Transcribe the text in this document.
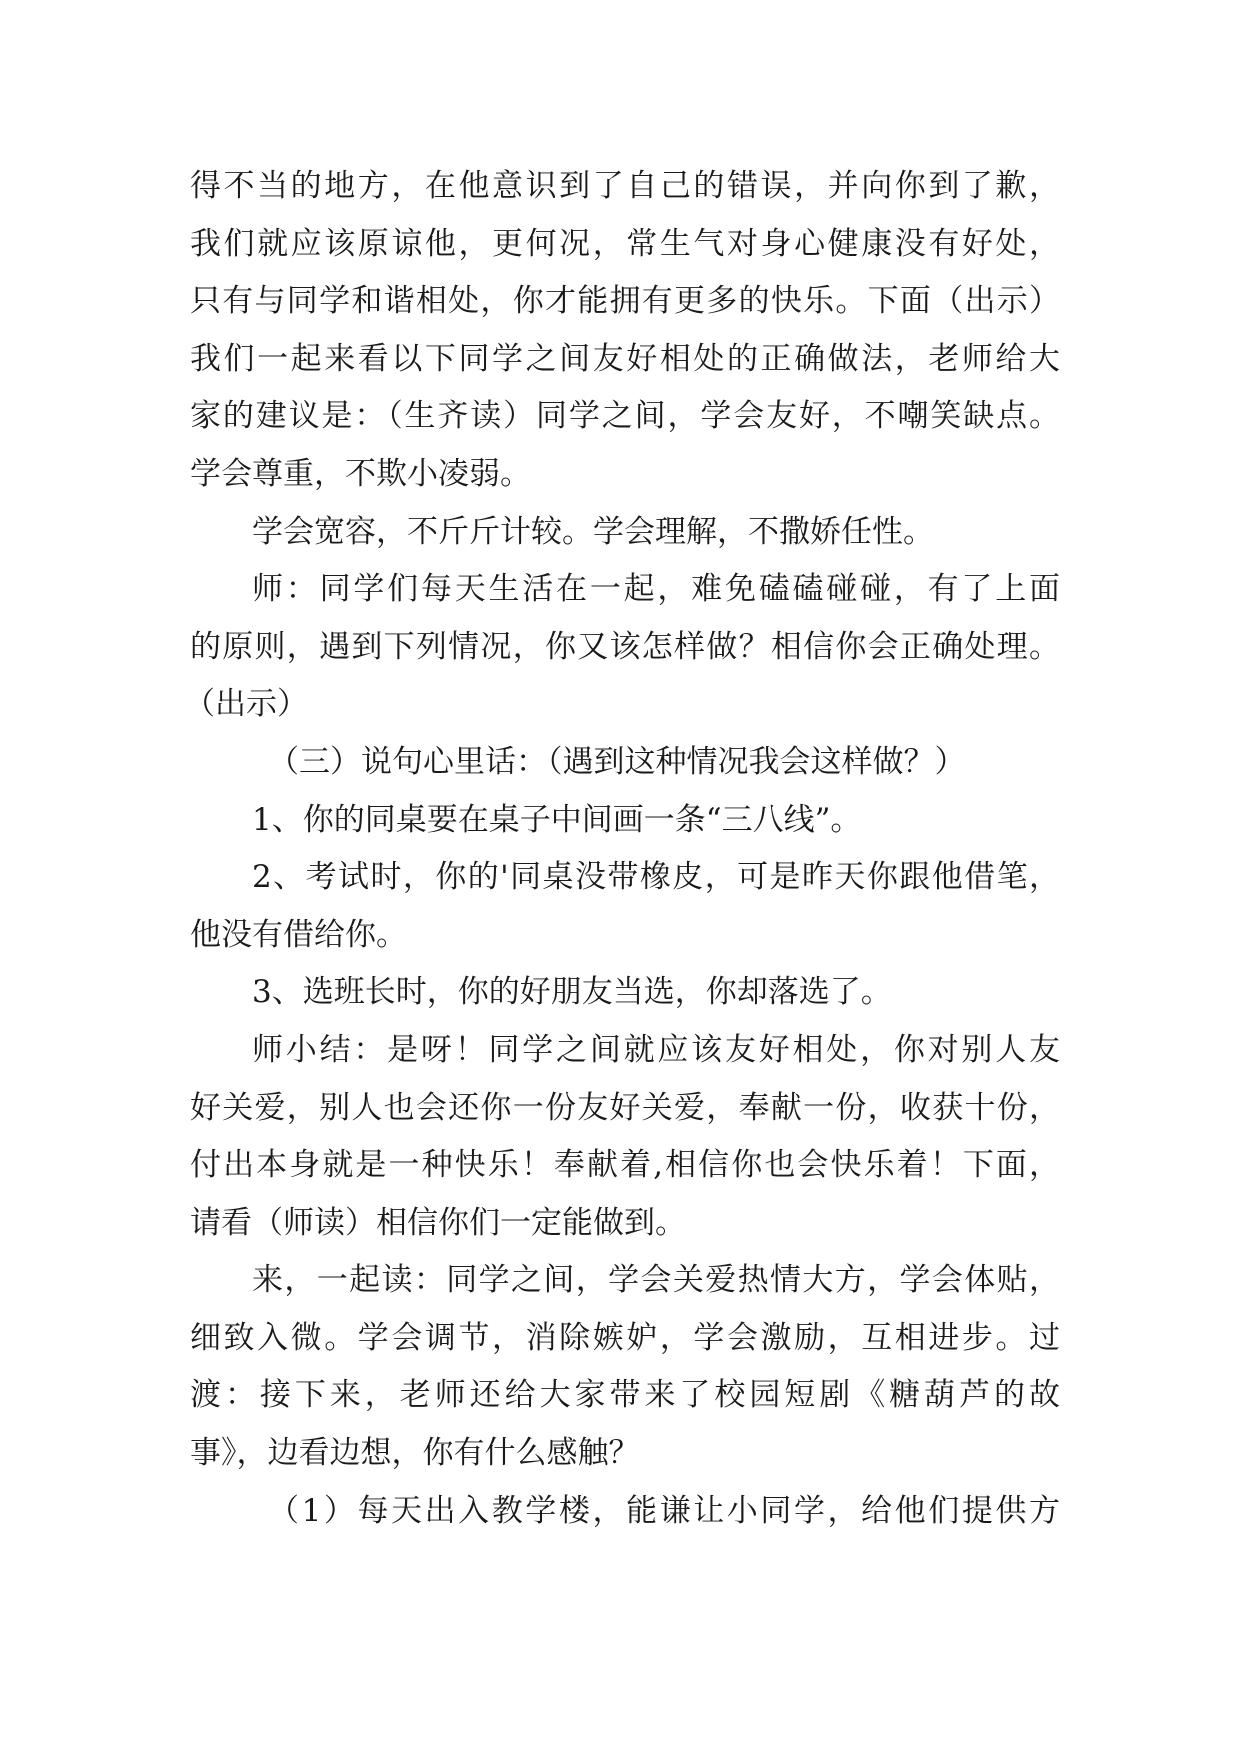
得不当的地方，在他意识到了自己的错误，并向你到了歉，
我们就应该原谅他，更何况，常生气对身心健康没有好处，
只有与同学和谐相处，你才能拥有更多的快乐。下面（出示）
我们一起来看以下同学之间友好相处的正确做法，老师给大
家的建议是：（生齐读）同学之间，学会友好，不嘲笑缺点。
学会尊重，不欺小凌弱。
学会宽容，不斤斤计较。学会理解，不撒娇任性。
师：同学们每天生活在一起，难免磕磕碰碰，有了上面
的原则，遇到下列情况，你又该怎样做？相信你会正确处理。
（出示）
（三）说句心里话：（遇到这种情况我会这样做？）
1、你的同桌要在桌子中间画一条“三八线”。
2、考试时，你的'同桌没带橡皮，可是昨天你跟他借笔，
他没有借给你。
3、选班长时，你的好朋友当选，你却落选了。
师小结：是呀！同学之间就应该友好相处，你对别人友
好关爱，别人也会还你一份友好关爱，奉献一份，收获十份，
付出本身就是一种快乐！奉献着,相信你也会快乐着！下面，
请看（师读）相信你们一定能做到。
来，一起读：同学之间，学会关爱热情大方，学会体贴，
细致入微。学会调节，消除嫉妒，学会激励，互相进步。过
渡：接下来，老师还给大家带来了校园短剧《糖葫芦的故
事》，边看边想，你有什么感触？
（1）每天出入教学楼，能谦让小同学，给他们提供方
